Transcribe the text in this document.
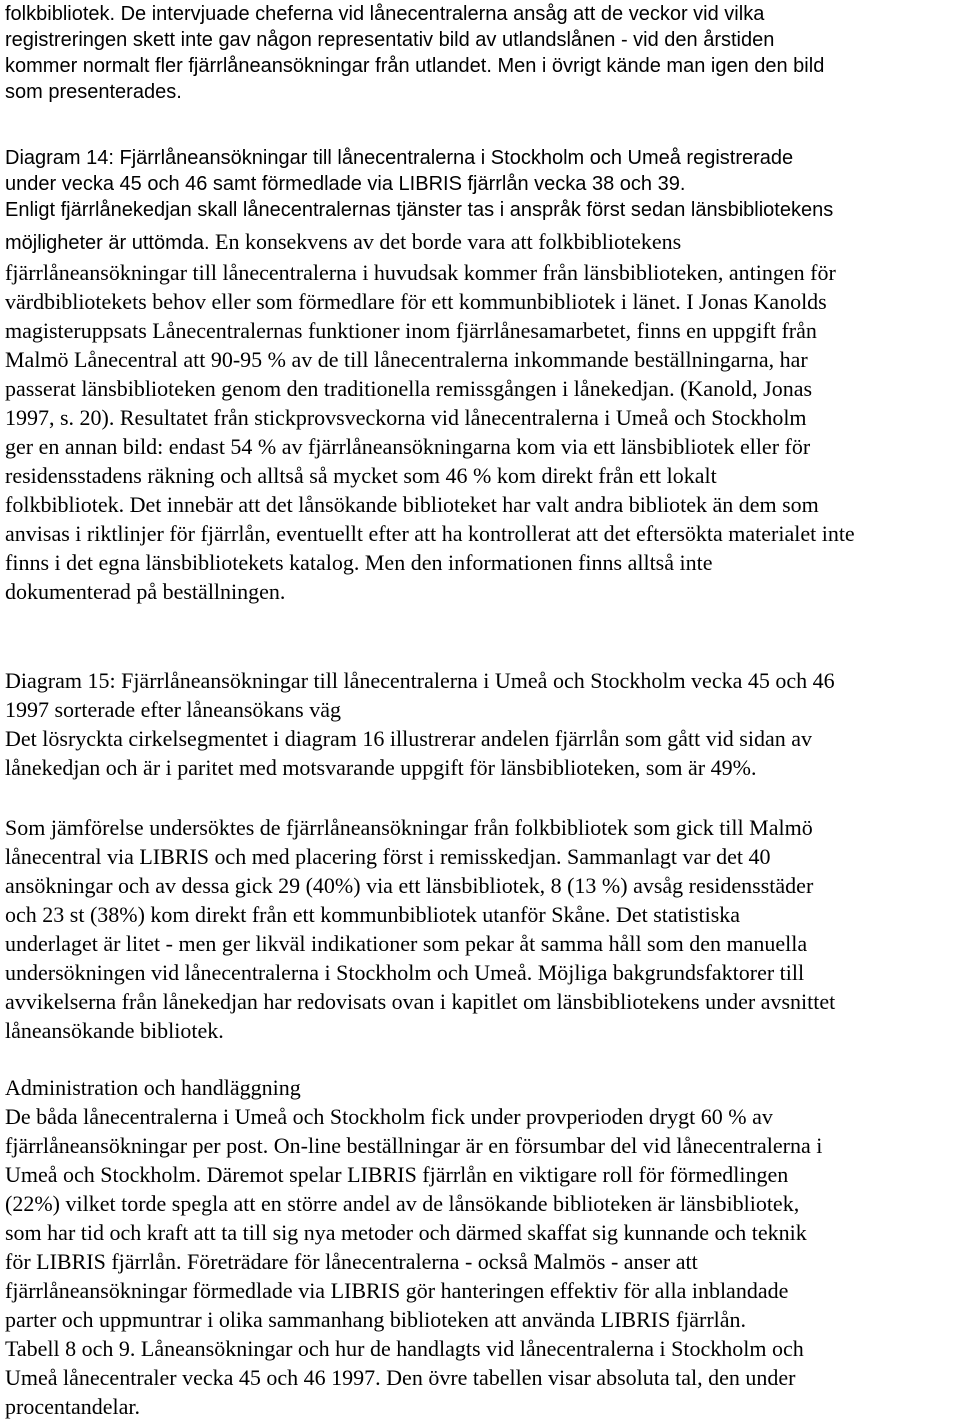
folkbibliotek. De intervjuade cheferna vid lånecentralerna ansåg att de veckor vid vilka
registreringen skett inte gav någon representativ bild av utlandslånen - vid den årstiden
kommer normalt fler fjärrlåneansökningar från utlandet. Men i övrigt kände man igen den bild
som presenterades.
Diagram 14: Fjärrlåneansökningar till lånecentralerna i Stockholm och Umeå registrerade
under vecka 45 och 46 samt förmedlade via LIBRIS fjärrlån vecka 38 och 39.
Enligt fjärrlånekedjan skall lånecentralernas tjänster tas i anspråk först sedan länsbibliotekens
möjligheter är uttömda. En konsekvens av det borde vara att folkbibliotekens
fjärrlåneansökningar till lånecentralerna i huvudsak kommer från länsbiblioteken, antingen för
värdbibliotekets behov eller som förmedlare för ett kommunbibliotek i länet. I Jonas Kanolds
magisteruppsats Lånecentralernas funktioner inom fjärrlånesamarbetet, finns en uppgift från
Malmö Lånecentral att 90-95 % av de till lånecentralerna inkommande beställningarna, har
passerat länsbiblioteken genom den traditionella remissgången i lånekedjan. (Kanold, Jonas
1997, s. 20). Resultatet från stickprovsveckorna vid lånecentralerna i Umeå och Stockholm
ger en annan bild: endast 54 % av fjärrlåneansökningarna kom via ett länsbibliotek eller för
residensstadens räkning och alltså så mycket som 46 % kom direkt från ett lokalt
folkbibliotek. Det innebär att det lånsökande biblioteket har valt andra bibliotek än dem som
anvisas i riktlinjer för fjärrlån, eventuellt efter att ha kontrollerat att det eftersökta materialet inte
finns i det egna länsbibliotekets katalog. Men den informationen finns alltså inte
dokumenterad på beställningen.
Diagram 15: Fjärrlåneansökningar till lånecentralerna i Umeå och Stockholm vecka 45 och 46
1997 sorterade efter låneansökans väg
Det lösryckta cirkelsegmentet i diagram 16 illustrerar andelen fjärrlån som gått vid sidan av
lånekedjan och är i paritet med motsvarande uppgift för länsbiblioteken, som är 49%.
Som jämförelse undersöktes de fjärrlåneansökningar från folkbibliotek som gick till Malmö
lånecentral via LIBRIS och med placering först i remisskedjan. Sammanlagt var det 40
ansökningar och av dessa gick 29 (40%) via ett länsbibliotek, 8 (13 %) avsåg residensstäder
och 23 st (38%) kom direkt från ett kommunbibliotek utanför Skåne. Det statistiska
underlaget är litet - men ger likväl indikationer som pekar åt samma håll som den manuella
undersökningen vid lånecentralerna i Stockholm och Umeå. Möjliga bakgrundsfaktorer till
avvikelserna från lånekedjan har redovisats ovan i kapitlet om länsbibliotekens under avsnittet
låneansökande bibliotek.
Administration och handläggning
De båda lånecentralerna i Umeå och Stockholm fick under provperioden drygt 60 % av
fjärrlåneansökningar per post. On-line beställningar är en försumbar del vid lånecentralerna i
Umeå och Stockholm. Däremot spelar LIBRIS fjärrlån en viktigare roll för förmedlingen
(22%) vilket torde spegla att en större andel av de lånsökande biblioteken är länsbibliotek,
som har tid och kraft att ta till sig nya metoder och därmed skaffat sig kunnande och teknik
för LIBRIS fjärrlån. Företrädare för lånecentralerna - också Malmös - anser att
fjärrlåneansökningar förmedlade via LIBRIS gör hanteringen effektiv för alla inblandade
parter och uppmuntrar i olika sammanhang biblioteken att använda LIBRIS fjärrlån.
Tabell 8 och 9. Låneansökningar och hur de handlagts vid lånecentralerna i Stockholm och
Umeå lånecentraler vecka 45 och 46 1997. Den övre tabellen visar absoluta tal, den under
procentandelar.
